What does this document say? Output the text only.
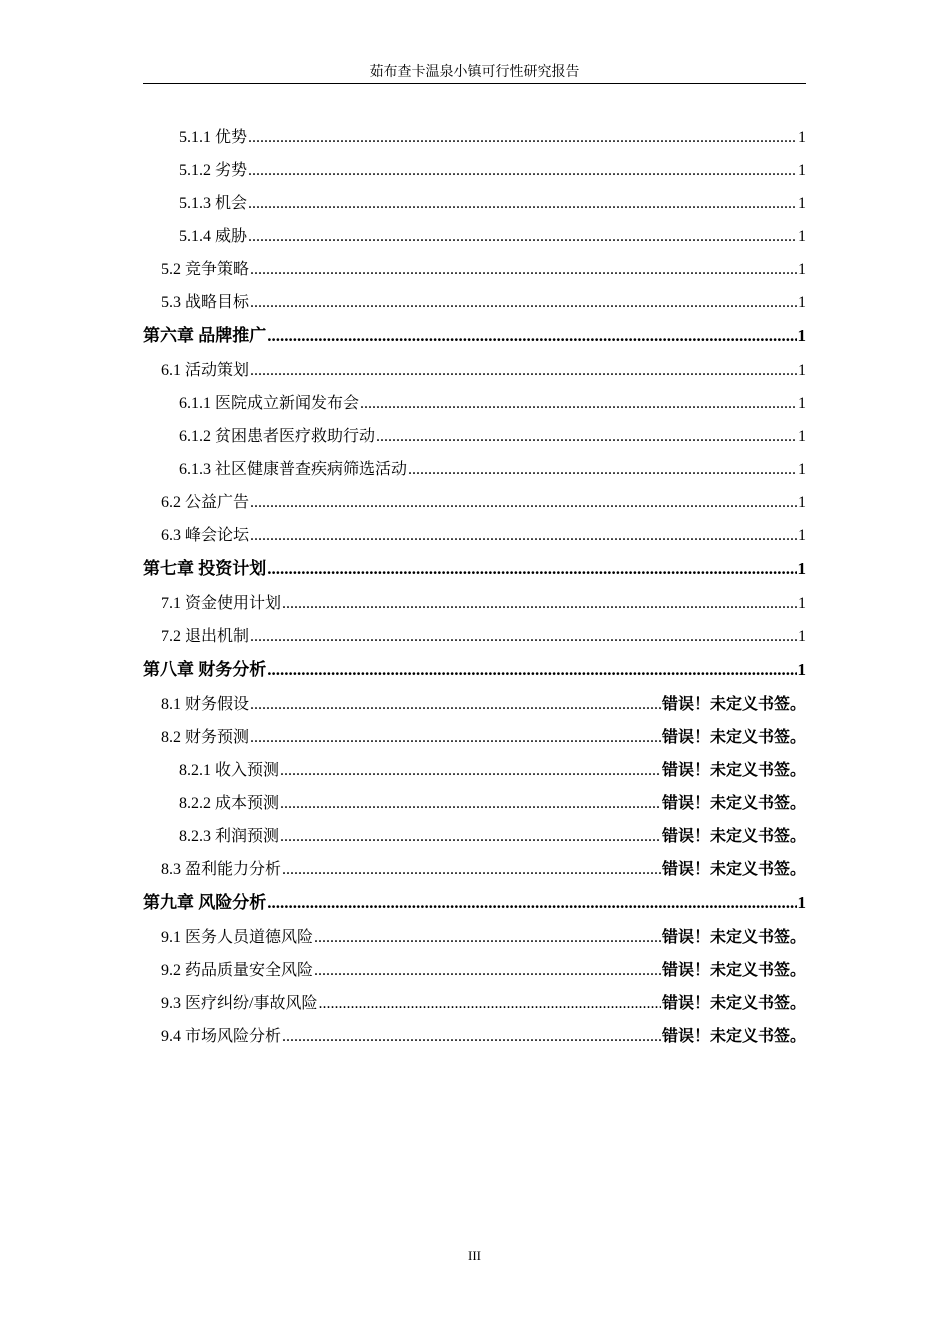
茹布查卡温泉小镇可行性研究报告
5.1.1 优势 .....	1
5.1.2 劣势 .....	1
5.1.3 机会 .....	1
5.1.4 威胁 .....	1
5.2 竞争策略 .....	1
5.3 战略目标 .....	1
第六章 品牌推广 .....	1
6.1 活动策划 .....	1
6.1.1 医院成立新闻发布会 .....	1
6.1.2 贫困患者医疗救助行动 .....	1
6.1.3 社区健康普查疾病筛选活动 .....	1
6.2 公益广告 .....	1
6.3 峰会论坛 .....	1
第七章 投资计划 .....	1
7.1 资金使用计划 .....	1
7.2 退出机制 .....	1
第八章 财务分析 .....	1
8.1 财务假设 .....	错误！未定义书签。
8.2 财务预测 .....	错误！未定义书签。
8.2.1 收入预测 .....	错误！未定义书签。
8.2.2 成本预测 .....	错误！未定义书签。
8.2.3 利润预测 .....	错误！未定义书签。
8.3 盈利能力分析 .....	错误！未定义书签。
第九章 风险分析 .....	1
9.1 医务人员道德风险 .....	错误！未定义书签。
9.2 药品质量安全风险 .....	错误！未定义书签。
9.3 医疗纠纷/事故风险 .....	错误！未定义书签。
9.4 市场风险分析 .....	错误！未定义书签。
III
